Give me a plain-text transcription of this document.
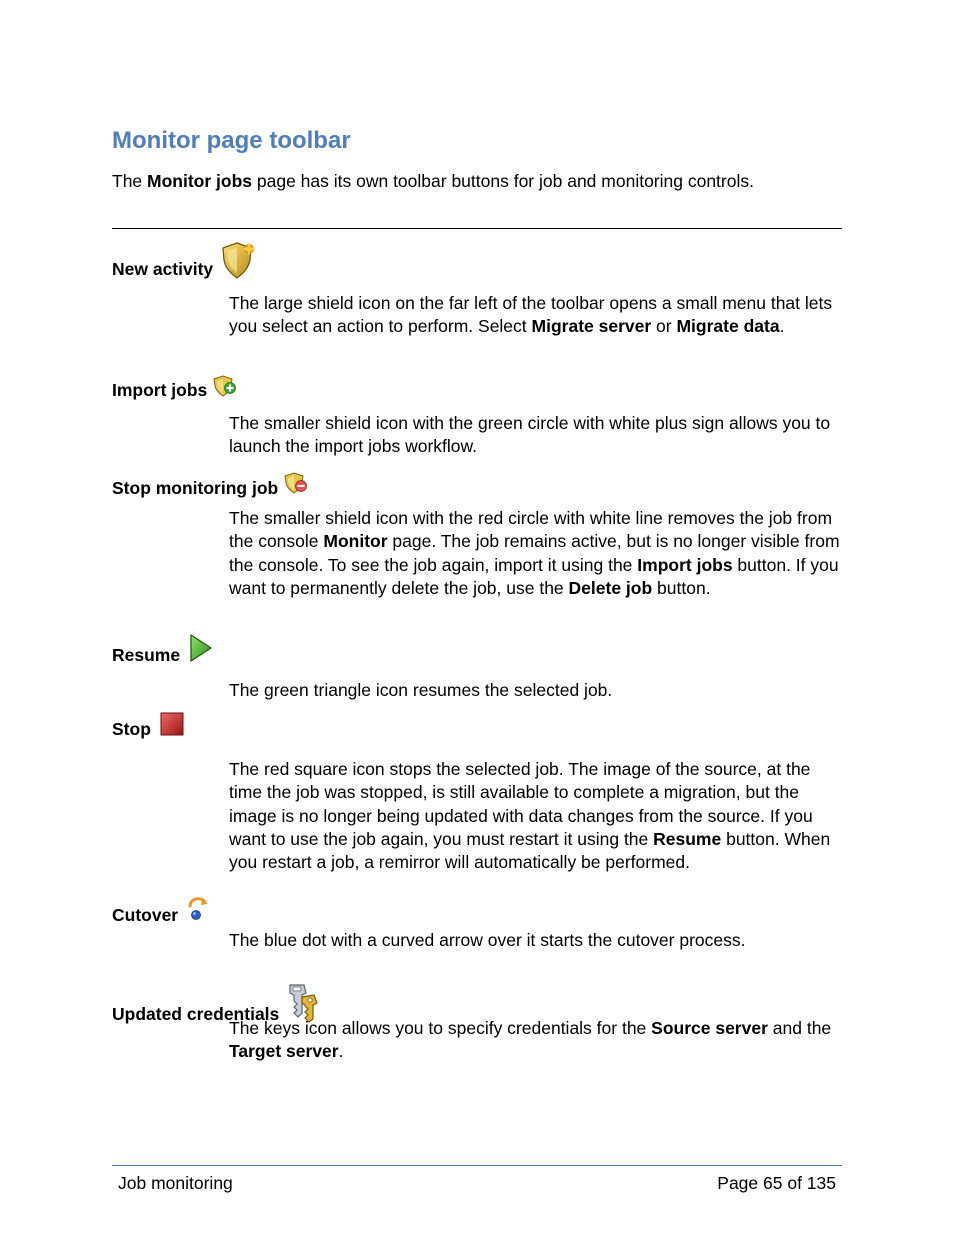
Monitor page toolbar

The Monitor jobs page has its own toolbar buttons for job and monitoring controls.

New activity

The large shield icon on the far left of the toolbar opens a small menu that lets you select an action to perform. Select Migrate server or Migrate data.

Import jobs

The smaller shield icon with the green circle with white plus sign allows you to launch the import jobs workflow.

Stop monitoring job

The smaller shield icon with the red circle with white line removes the job from the console Monitor page. The job remains active, but is no longer visible from the console. To see the job again, import it using the Import jobs button. If you want to permanently delete the job, use the Delete job button.

Resume

The green triangle icon resumes the selected job.

Stop

The red square icon stops the selected job. The image of the source, at the time the job was stopped, is still available to complete a migration, but the image is no longer being updated with data changes from the source. If you want to use the job again, you must restart it using the Resume button. When you restart a job, a remirror will automatically be performed.

Cutover

The blue dot with a curved arrow over it starts the cutover process.

Updated credentials

The keys icon allows you to specify credentials for the Source server and the Target server.

Job monitoring	Page 65 of 135
